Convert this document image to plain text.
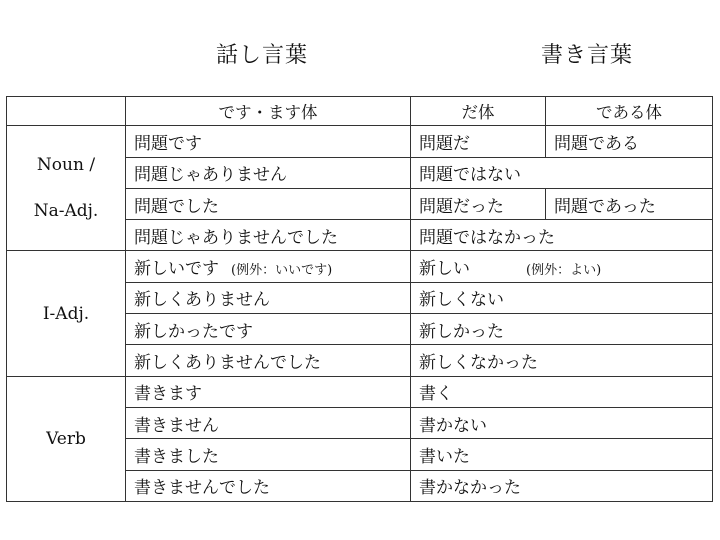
話し言葉	書き言葉
	です・ます体	だ体	である体

Noun /
Na-Adj.	問題です	問題だ	問題である
	問題じゃありません	問題ではない	
	問題でした	問題だった	問題であった
	問題じゃありませんでした	問題ではなかった	
I-Adj.	新しいです (例外：いいです)	新しい (例外：よい)	
	新しくありません	新しくない	
	新しかったです	新しかった	
	新しくありませんでした	新しくなかった	
Verb	書きます	書く	
	書きません	書かない	
	書きました	書いた	
	書きませんでした	書かなかった	
